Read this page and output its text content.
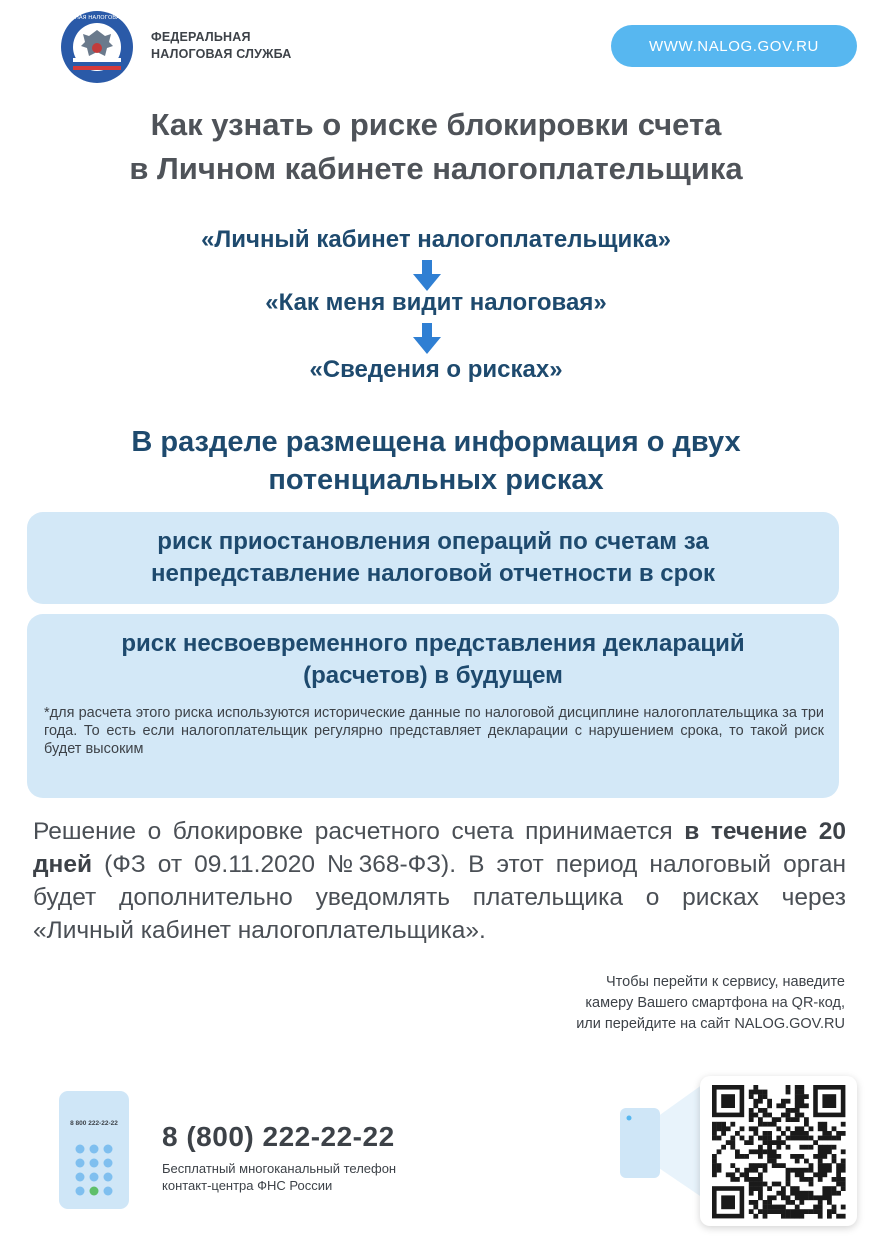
ФЕДЕРАЛЬНАЯ НАЛОГОВАЯ СЛУЖБА
ФЕДЕРАЛЬНАЯ
НАЛОГОВАЯ СЛУЖБА	WWW.NALOG.GOV.RU
Как узнать о риске блокировки счета
в Личном кабинете налогоплательщика
«Личный кабинет налогоплательщика»
«Как меня видит налоговая»
«Сведения о рисках»
В разделе размещена информация о двух
потенциальных рисках
риск приостановления операций по счетам за
непредставление налоговой отчетности в срок
риск несвоевременного представления деклараций
(расчетов) в будущем
*для расчета этого риска используются исторические данные по налоговой дисциплине налогоплательщика за три года. То есть если налогоплательщик регулярно представляет декларации с нарушением срока, то такой риск будет высоким
Решение о блокировке расчетного счета принимается в течение 20 дней (ФЗ от 09.11.2020 №368-ФЗ). В этот период налоговый орган будет дополнительно уведомлять плательщика о рисках через «Личный кабинет налогоплательщика».
Чтобы перейти к сервису, наведите
камеру Вашего смартфона на QR-код,
или перейдите на сайт NALOG.GOV.RU
8 800 222-22-22 8 (800) 222-22-22
Бесплатный многоканальный телефон
контакт-центра ФНС России
